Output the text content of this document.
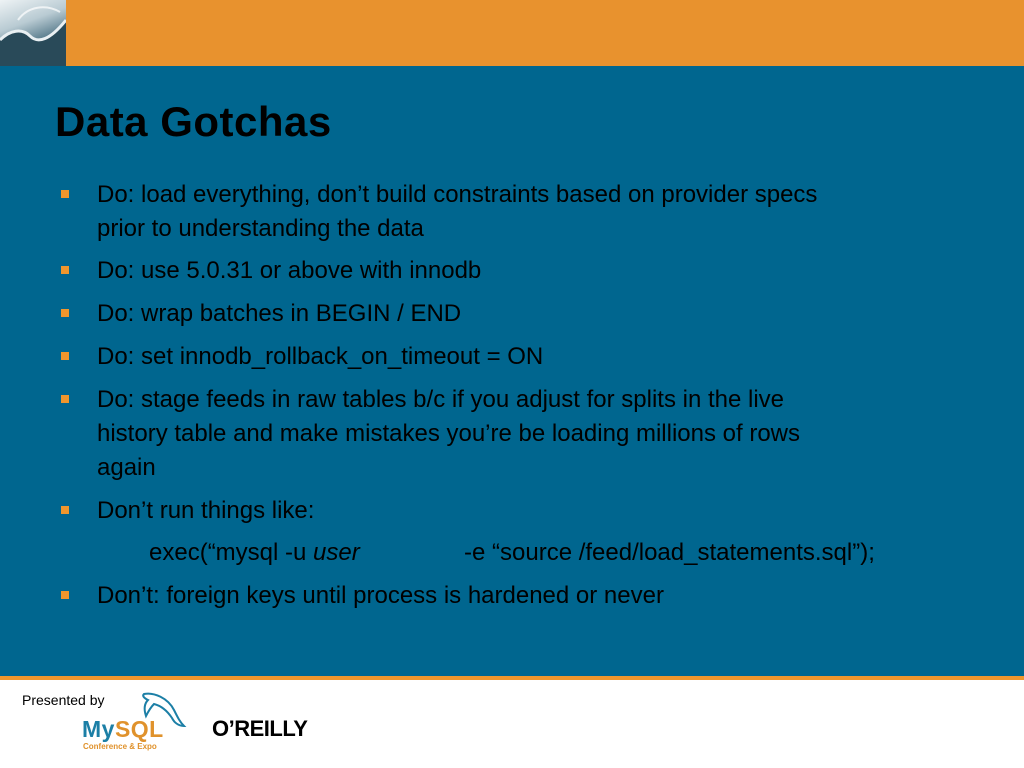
Data Gotchas
Do: load everything, don’t build constraints based on provider specs
prior to understanding the data
Do: use 5.0.31 or above with innodb
Do: wrap batches in BEGIN / END
Do: set innodb_rollback_on_timeout = ON
Do: stage feeds in raw tables b/c if you adjust for splits in the live
history table and make mistakes you’re be loading millions of rows
again
Don’t run things like:
exec(“mysql -u user	-e “source /feed/load_statements.sql”);
Don’t: foreign keys until process is hardened or never
Presented by
MySQL
Conference & Expo
O’REILLY
